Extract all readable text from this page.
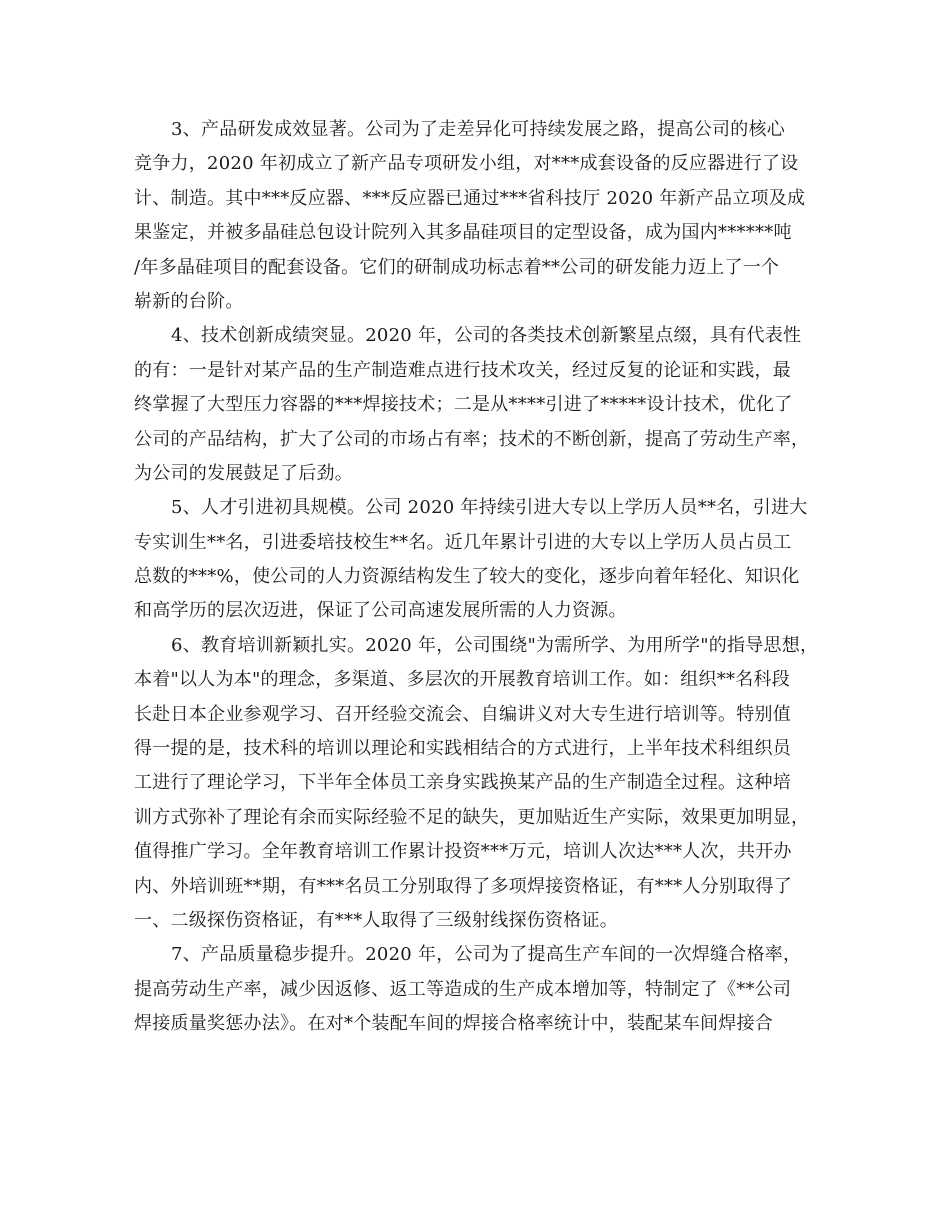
3、产品研发成效显著。公司为了走差异化可持续发展之路，提高公司的核心
竞争力，2020 年初成立了新产品专项研发小组，对***成套设备的反应器进行了设
计、制造。其中***反应器、***反应器已通过***省科技厅 2020 年新产品立项及成
果鉴定，并被多晶硅总包设计院列入其多晶硅项目的定型设备，成为国内******吨
/年多晶硅项目的配套设备。它们的研制成功标志着**公司的研发能力迈上了一个
崭新的台阶。
4、技术创新成绩突显。2020 年，公司的各类技术创新繁星点缀，具有代表性
的有：一是针对某产品的生产制造难点进行技术攻关，经过反复的论证和实践，最
终掌握了大型压力容器的***焊接技术；二是从****引进了*****设计技术，优化了
公司的产品结构，扩大了公司的市场占有率；技术的不断创新，提高了劳动生产率，
为公司的发展鼓足了后劲。
5、人才引进初具规模。公司 2020 年持续引进大专以上学历人员**名，引进大
专实训生**名，引进委培技校生**名。近几年累计引进的大专以上学历人员占员工
总数的***%，使公司的人力资源结构发生了较大的变化，逐步向着年轻化、知识化
和高学历的层次迈进，保证了公司高速发展所需的人力资源。
6、教育培训新颖扎实。2020 年，公司围绕"为需所学、为用所学"的指导思想，
本着"以人为本"的理念，多渠道、多层次的开展教育培训工作。如：组织**名科段
长赴日本企业参观学习、召开经验交流会、自编讲义对大专生进行培训等。特别值
得一提的是，技术科的培训以理论和实践相结合的方式进行，上半年技术科组织员
工进行了理论学习，下半年全体员工亲身实践换某产品的生产制造全过程。这种培
训方式弥补了理论有余而实际经验不足的缺失，更加贴近生产实际，效果更加明显，
值得推广学习。全年教育培训工作累计投资***万元，培训人次达***人次，共开办
内、外培训班**期，有***名员工分别取得了多项焊接资格证，有***人分别取得了
一、二级探伤资格证，有***人取得了三级射线探伤资格证。
7、产品质量稳步提升。2020 年，公司为了提高生产车间的一次焊缝合格率，
提高劳动生产率，减少因返修、返工等造成的生产成本增加等，特制定了《**公司
焊接质量奖惩办法》。在对*个装配车间的焊接合格率统计中，装配某车间焊接合
